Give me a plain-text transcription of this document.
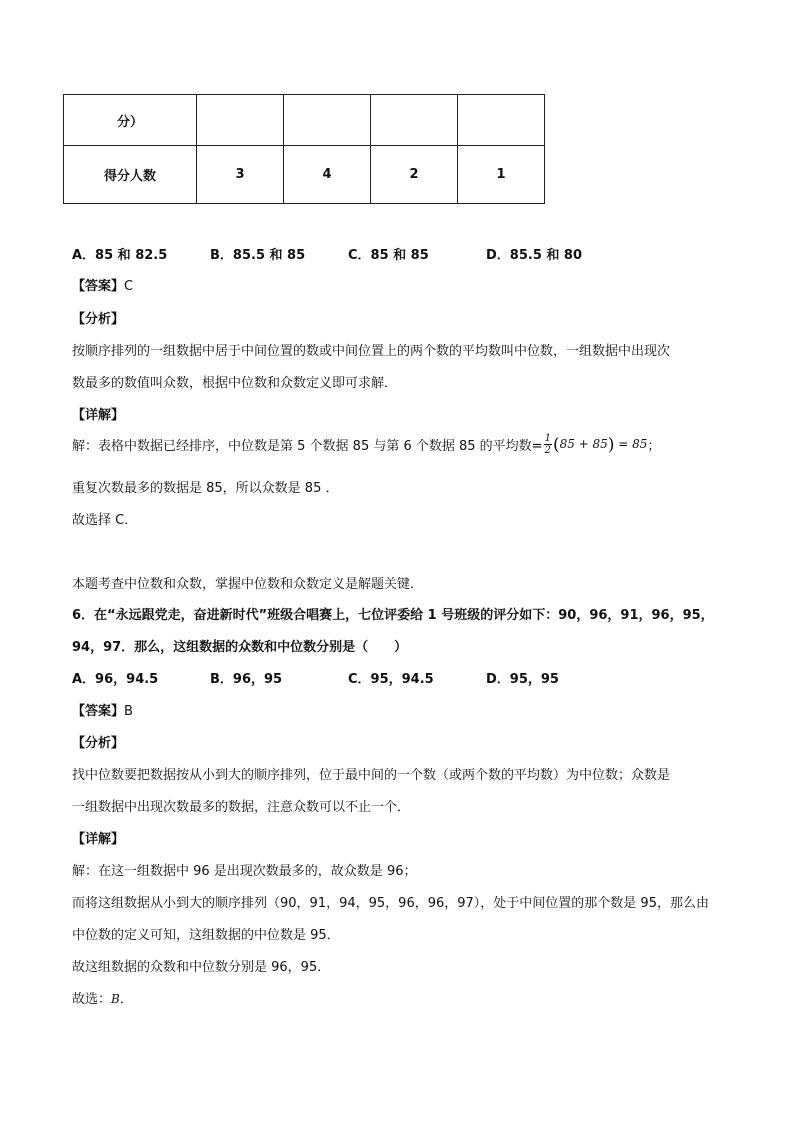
分）				
得分人数	3	4	2	1
A．85 和 82.5	B．85.5 和 85	C．85 和 85	D．85.5 和 80
【答案】C
【分析】
按顺序排列的一组数据中居于中间位置的数或中间位置上的两个数的平均数叫中位数，一组数据中出现次
数最多的数值叫众数，根据中位数和众数定义即可求解．
【详解】
解：表格中数据已经排序，中位数是第 5 个数据 85 与第 6 个数据 85 的平均数= $\frac{1}{2} (85 + 85) = 85$；
重复次数最多的数据是 85，所以众数是 85 ．
故选择 C．
本题考查中位数和众数，掌握中位数和众数定义是解题关键．
6．在“永远跟党走，奋进新时代”班级合唱赛上，七位评委给 1 号班级的评分如下：90，96，91，96，95，
94，97．那么，这组数据的众数和中位数分别是（　　）
A．96，94.5	B．96，95	C．95，94.5	D．95，95
【答案】B
【分析】
找中位数要把数据按从小到大的顺序排列，位于最中间的一个数（或两个数的平均数）为中位数；众数是
一组数据中出现次数最多的数据，注意众数可以不止一个．
【详解】
解：在这一组数据中 96 是出现次数最多的，故众数是 96；
而将这组数据从小到大的顺序排列（90，91，94，95，96，96，97），处于中间位置的那个数是 95，那么由
中位数的定义可知，这组数据的中位数是 95．
故这组数据的众数和中位数分别是 96，95．
故选：B．
